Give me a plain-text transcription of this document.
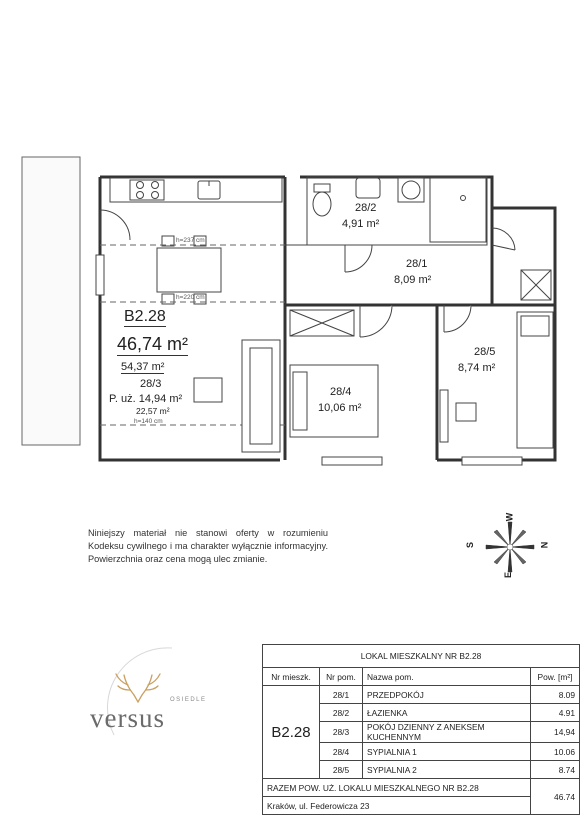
28/2
4,91 m²
28/1
8,09 m²
28/5
8,74 m²
28/4
10,06 m²
h=237 cm
h=220 cm
h=140 cm
B2.28
46,74 m²
54,37 m²
28/3
P. uż. 14,94 m²
22,57 m²
W
S	N
E
Niniejszy materiał nie stanowi oferty w rozumieniu Kodeksu cywilnego i ma charakter wyłącznie informacyjny. Powierzchnia oraz cena mogą ulec zmianie.
OSIEDLE
versus
LOKAL MIESZKALNY NR B2.28			
Nr mieszk.	Nr pom.	Nazwa pom.	Pow. [m²]
B2.28	28/1	PRZEDPOKÓJ	8.09
	28/2	ŁAZIENKA	4.91
	28/3	POKÓJ DZIENNY Z ANEKSEM KUCHENNYM	14,94
	28/4	SYPIALNIA 1	10.06
	28/5	SYPIALNIA 2	8.74
RAZEM POW. UŻ. LOKALU MIESZKALNEGO NR B2.28			46.74
Kraków, ul. Federowicza 23			
